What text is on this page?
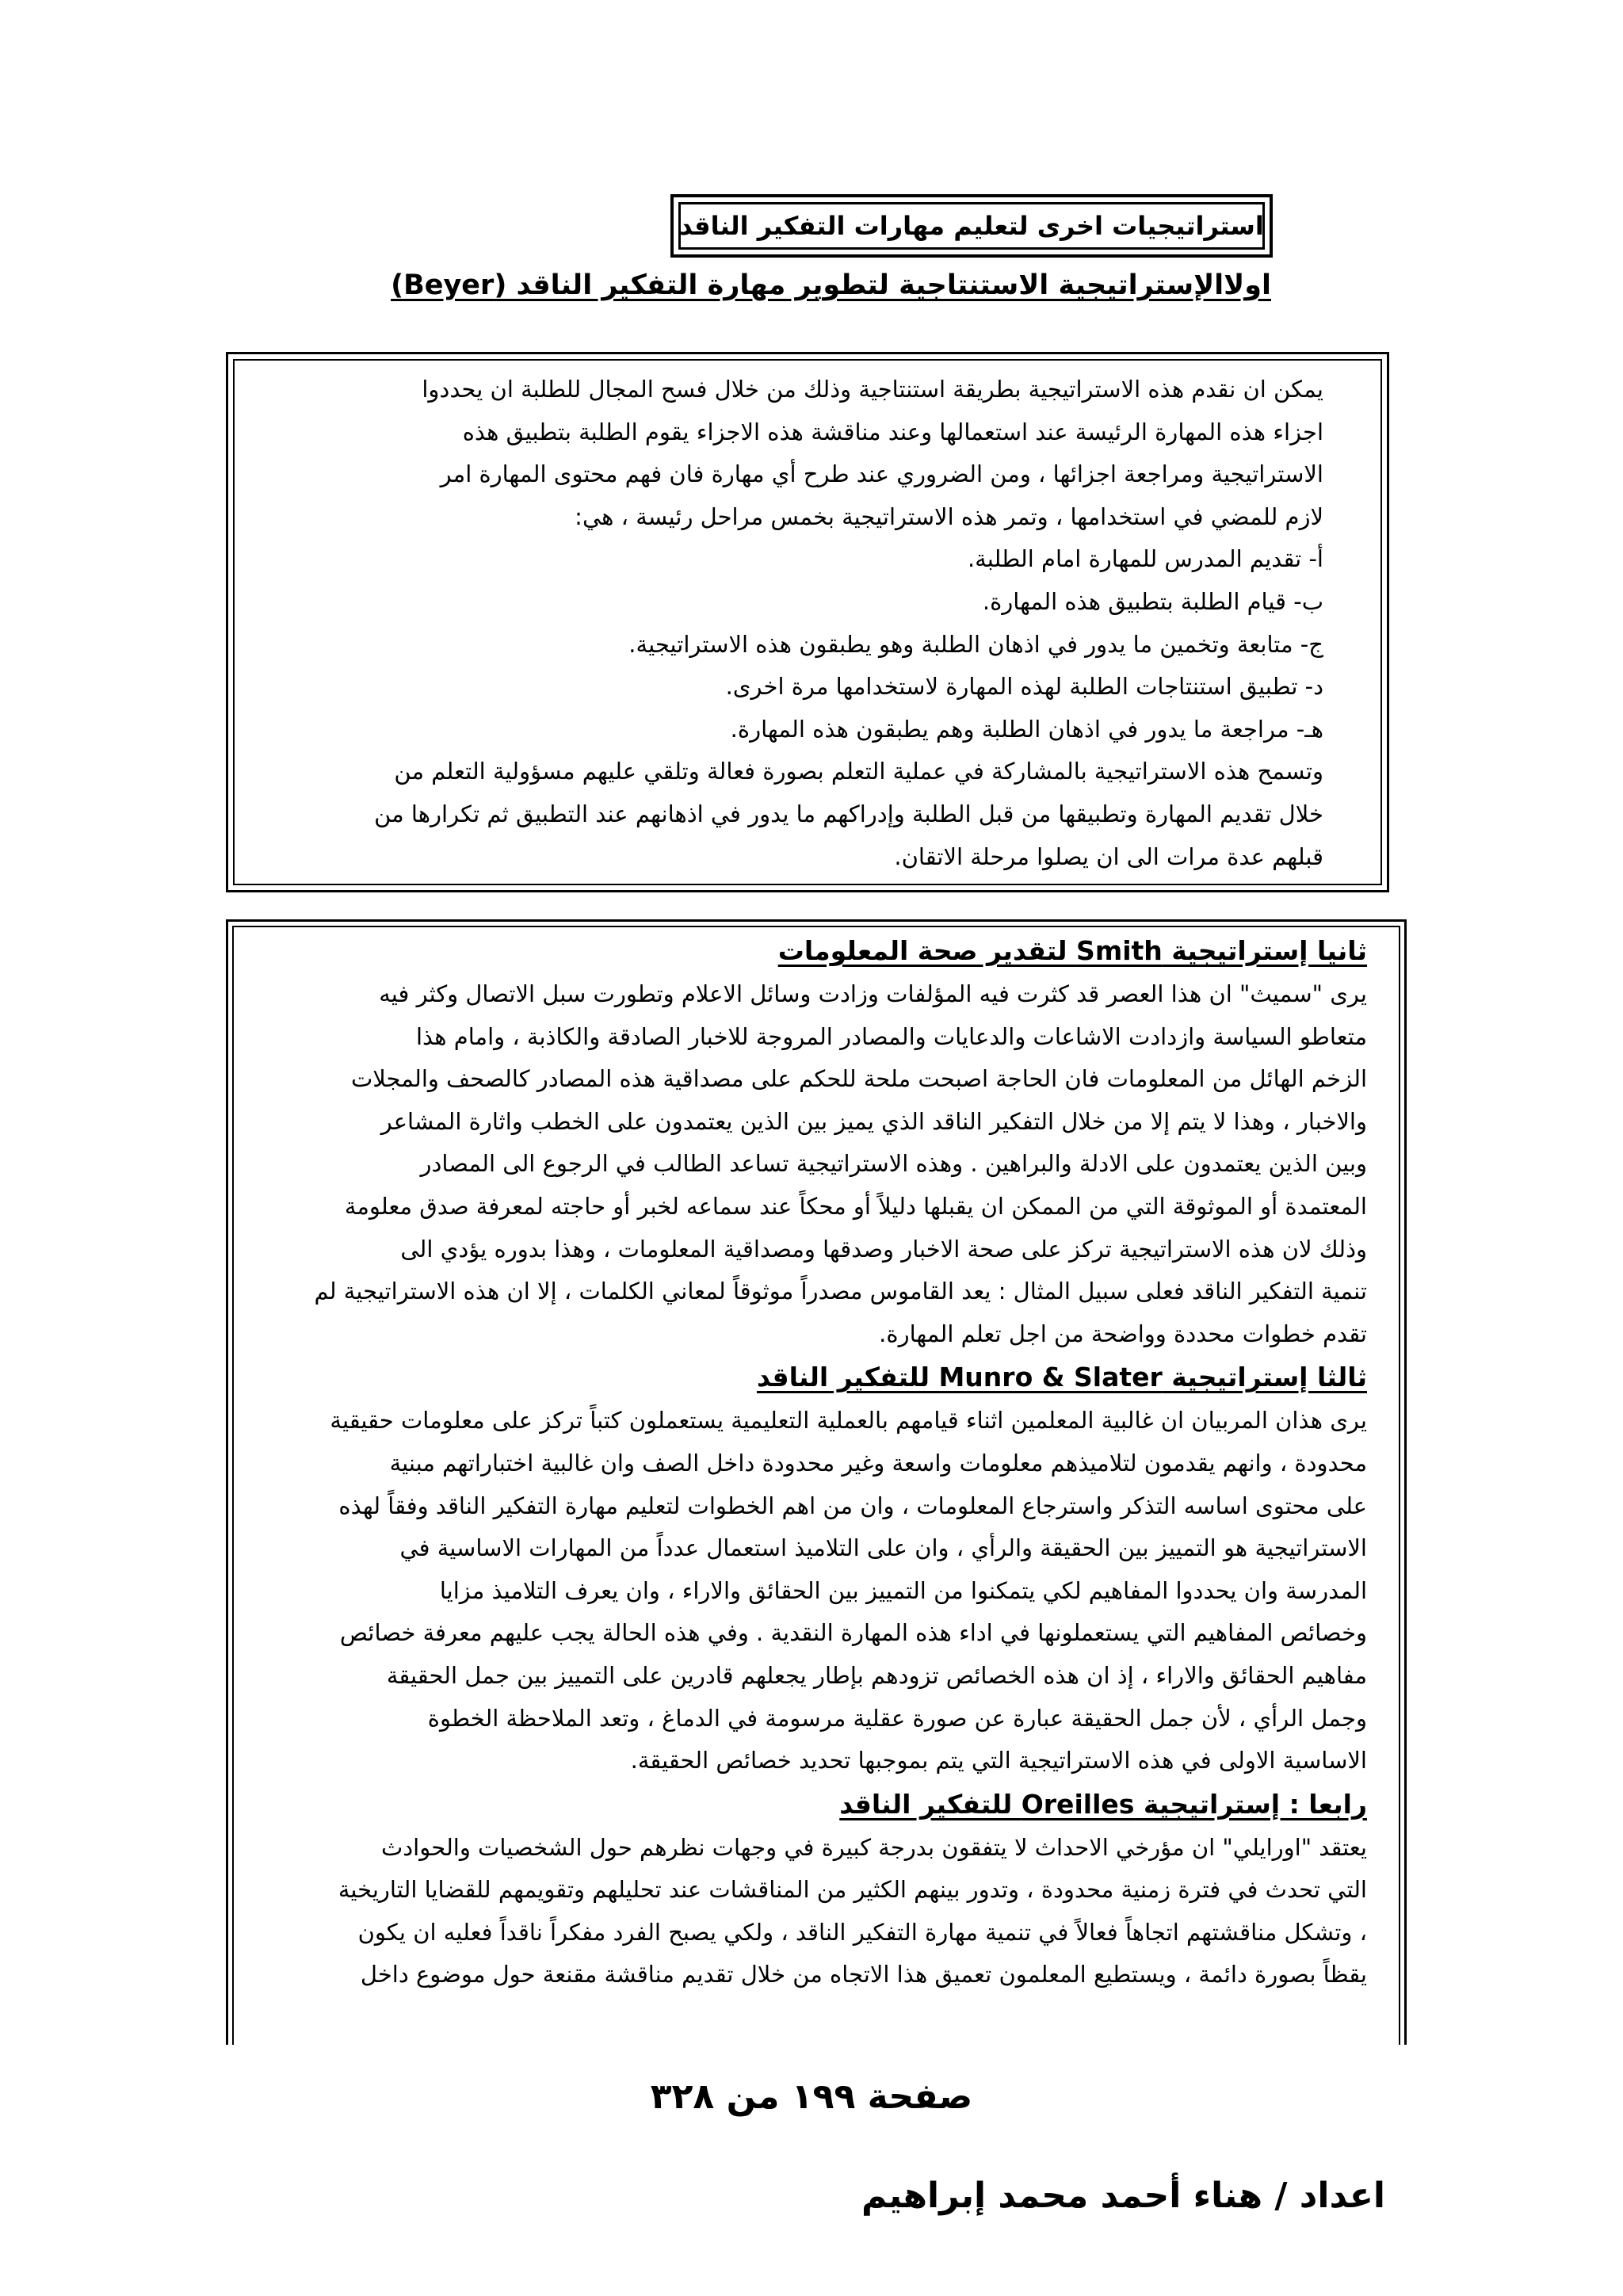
استراتيجيات اخرى لتعليم مهارات التفكير الناقد
اولاالإستراتيجية الاستنتاجية لتطوير مهارة التفكير الناقد (Beyer)
يمكن ان نقدم هذه الاستراتيجية بطريقة استنتاجية وذلك من خلال فسح المجال للطلبة ان يحددوا
اجزاء هذه المهارة الرئيسة عند استعمالها وعند مناقشة هذه الاجزاء يقوم الطلبة بتطبيق هذه
الاستراتيجية ومراجعة اجزائها ، ومن الضروري عند طرح أي مهارة فان فهم محتوى المهارة امر
لازم للمضي في استخدامها ، وتمر هذه الاستراتيجية بخمس مراحل رئيسة ، هي:
أ- تقديم المدرس للمهارة امام الطلبة.
ب- قيام الطلبة بتطبيق هذه المهارة.
ج- متابعة وتخمين ما يدور في اذهان الطلبة وهو يطبقون هذه الاستراتيجية.
د- تطبيق استنتاجات الطلبة لهذه المهارة لاستخدامها مرة اخرى.
هـ- مراجعة ما يدور في اذهان الطلبة وهم يطبقون هذه المهارة.
وتسمح هذه الاستراتيجية بالمشاركة في عملية التعلم بصورة فعالة وتلقي عليهم مسؤولية التعلم من
خلال تقديم المهارة وتطبيقها من قبل الطلبة وإدراكهم ما يدور في اذهانهم عند التطبيق ثم تكرارها من
قبلهم عدة مرات الى ان يصلوا مرحلة الاتقان.

ثانيا إستراتيجية Smith لتقدير صحة المعلومات

يرى "سميث" ان هذا العصر قد كثرت فيه المؤلفات وزادت وسائل الاعلام وتطورت سبل الاتصال وكثر فيه
متعاطو السياسة وازدادت الاشاعات والدعايات والمصادر المروجة للاخبار الصادقة والكاذبة ، وامام هذا
الزخم الهائل من المعلومات فان الحاجة اصبحت ملحة للحكم على مصداقية هذه المصادر كالصحف والمجلات
والاخبار ، وهذا لا يتم إلا من خلال التفكير الناقد الذي يميز بين الذين يعتمدون على الخطب واثارة المشاعر
وبين الذين يعتمدون على الادلة والبراهين . وهذه الاستراتيجية تساعد الطالب في الرجوع الى المصادر
المعتمدة أو الموثوقة التي من الممكن ان يقبلها دليلاً أو محكاً عند سماعه لخبر أو حاجته لمعرفة صدق معلومة
وذلك لان هذه الاستراتيجية تركز على صحة الاخبار وصدقها ومصداقية المعلومات ، وهذا بدوره يؤدي الى
تنمية التفكير الناقد فعلى سبيل المثال : يعد القاموس مصدراً موثوقاً لمعاني الكلمات ، إلا ان هذه الاستراتيجية لم
تقدم خطوات محددة وواضحة من اجل تعلم المهارة.

ثالثا إستراتيجية Munro & Slater للتفكير الناقد

يرى هذان المربيان ان غالبية المعلمين اثناء قيامهم بالعملية التعليمية يستعملون كتباً تركز على معلومات حقيقية
محدودة ، وانهم يقدمون لتلاميذهم معلومات واسعة وغير محدودة داخل الصف وان غالبية اختباراتهم مبنية
على محتوى اساسه التذكر واسترجاع المعلومات ، وان من اهم الخطوات لتعليم مهارة التفكير الناقد وفقاً لهذه
الاستراتيجية هو التمييز بين الحقيقة والرأي ، وان على التلاميذ استعمال عدداً من المهارات الاساسية في
المدرسة وان يحددوا المفاهيم لكي يتمكنوا من التمييز بين الحقائق والاراء ، وان يعرف التلاميذ مزايا
وخصائص المفاهيم التي يستعملونها في اداء هذه المهارة النقدية . وفي هذه الحالة يجب عليهم معرفة خصائص
مفاهيم الحقائق والاراء ، إذ ان هذه الخصائص تزودهم بإطار يجعلهم قادرين على التمييز بين جمل الحقيقة
وجمل الرأي ، لأن جمل الحقيقة عبارة عن صورة عقلية مرسومة في الدماغ ، وتعد الملاحظة الخطوة
الاساسية الاولى في هذه الاستراتيجية التي يتم بموجبها تحديد خصائص الحقيقة.

رابعا : إستراتيجية Oreilles للتفكير الناقد

يعتقد "اورايلي" ان مؤرخي الاحداث لا يتفقون بدرجة كبيرة في وجهات نظرهم حول الشخصيات والحوادث
التي تحدث في فترة زمنية محدودة ، وتدور بينهم الكثير من المناقشات عند تحليلهم وتقويمهم للقضايا التاريخية
، وتشكل مناقشتهم اتجاهاً فعالاً في تنمية مهارة التفكير الناقد ، ولكي يصبح الفرد مفكراً ناقداً فعليه ان يكون
يقظاً بصورة دائمة ، ويستطيع المعلمون تعميق هذا الاتجاه من خلال تقديم مناقشة مقنعة حول موضوع داخل
صفحة ١٩٩ من ٣٢٨
اعداد / هناء أحمد محمد إبراهيم
